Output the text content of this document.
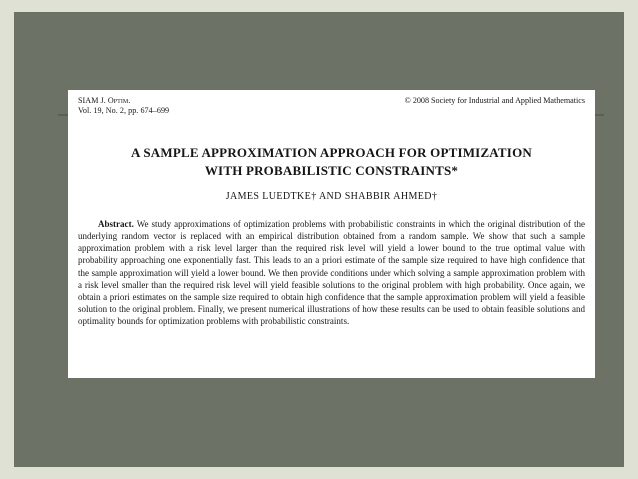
SIAM J. Optim.
Vol. 19, No. 2, pp. 674–699
© 2008 Society for Industrial and Applied Mathematics
A SAMPLE APPROXIMATION APPROACH FOR OPTIMIZATION
WITH PROBABILISTIC CONSTRAINTS*
JAMES LUEDTKE† AND SHABBIR AHMED†
Abstract. We study approximations of optimization problems with probabilistic constraints in which the original distribution of the underlying random vector is replaced with an empirical distribution obtained from a random sample. We show that such a sample approximation problem with a risk level larger than the required risk level will yield a lower bound to the true optimal value with probability approaching one exponentially fast. This leads to an a priori estimate of the sample size required to have high confidence that the sample approximation will yield a lower bound. We then provide conditions under which solving a sample approximation problem with a risk level smaller than the required risk level will yield feasible solutions to the original problem with high probability. Once again, we obtain a priori estimates on the sample size required to obtain high confidence that the sample approximation problem will yield a feasible solution to the original problem. Finally, we present numerical illustrations of how these results can be used to obtain feasible solutions and optimality bounds for optimization problems with probabilistic constraints.
